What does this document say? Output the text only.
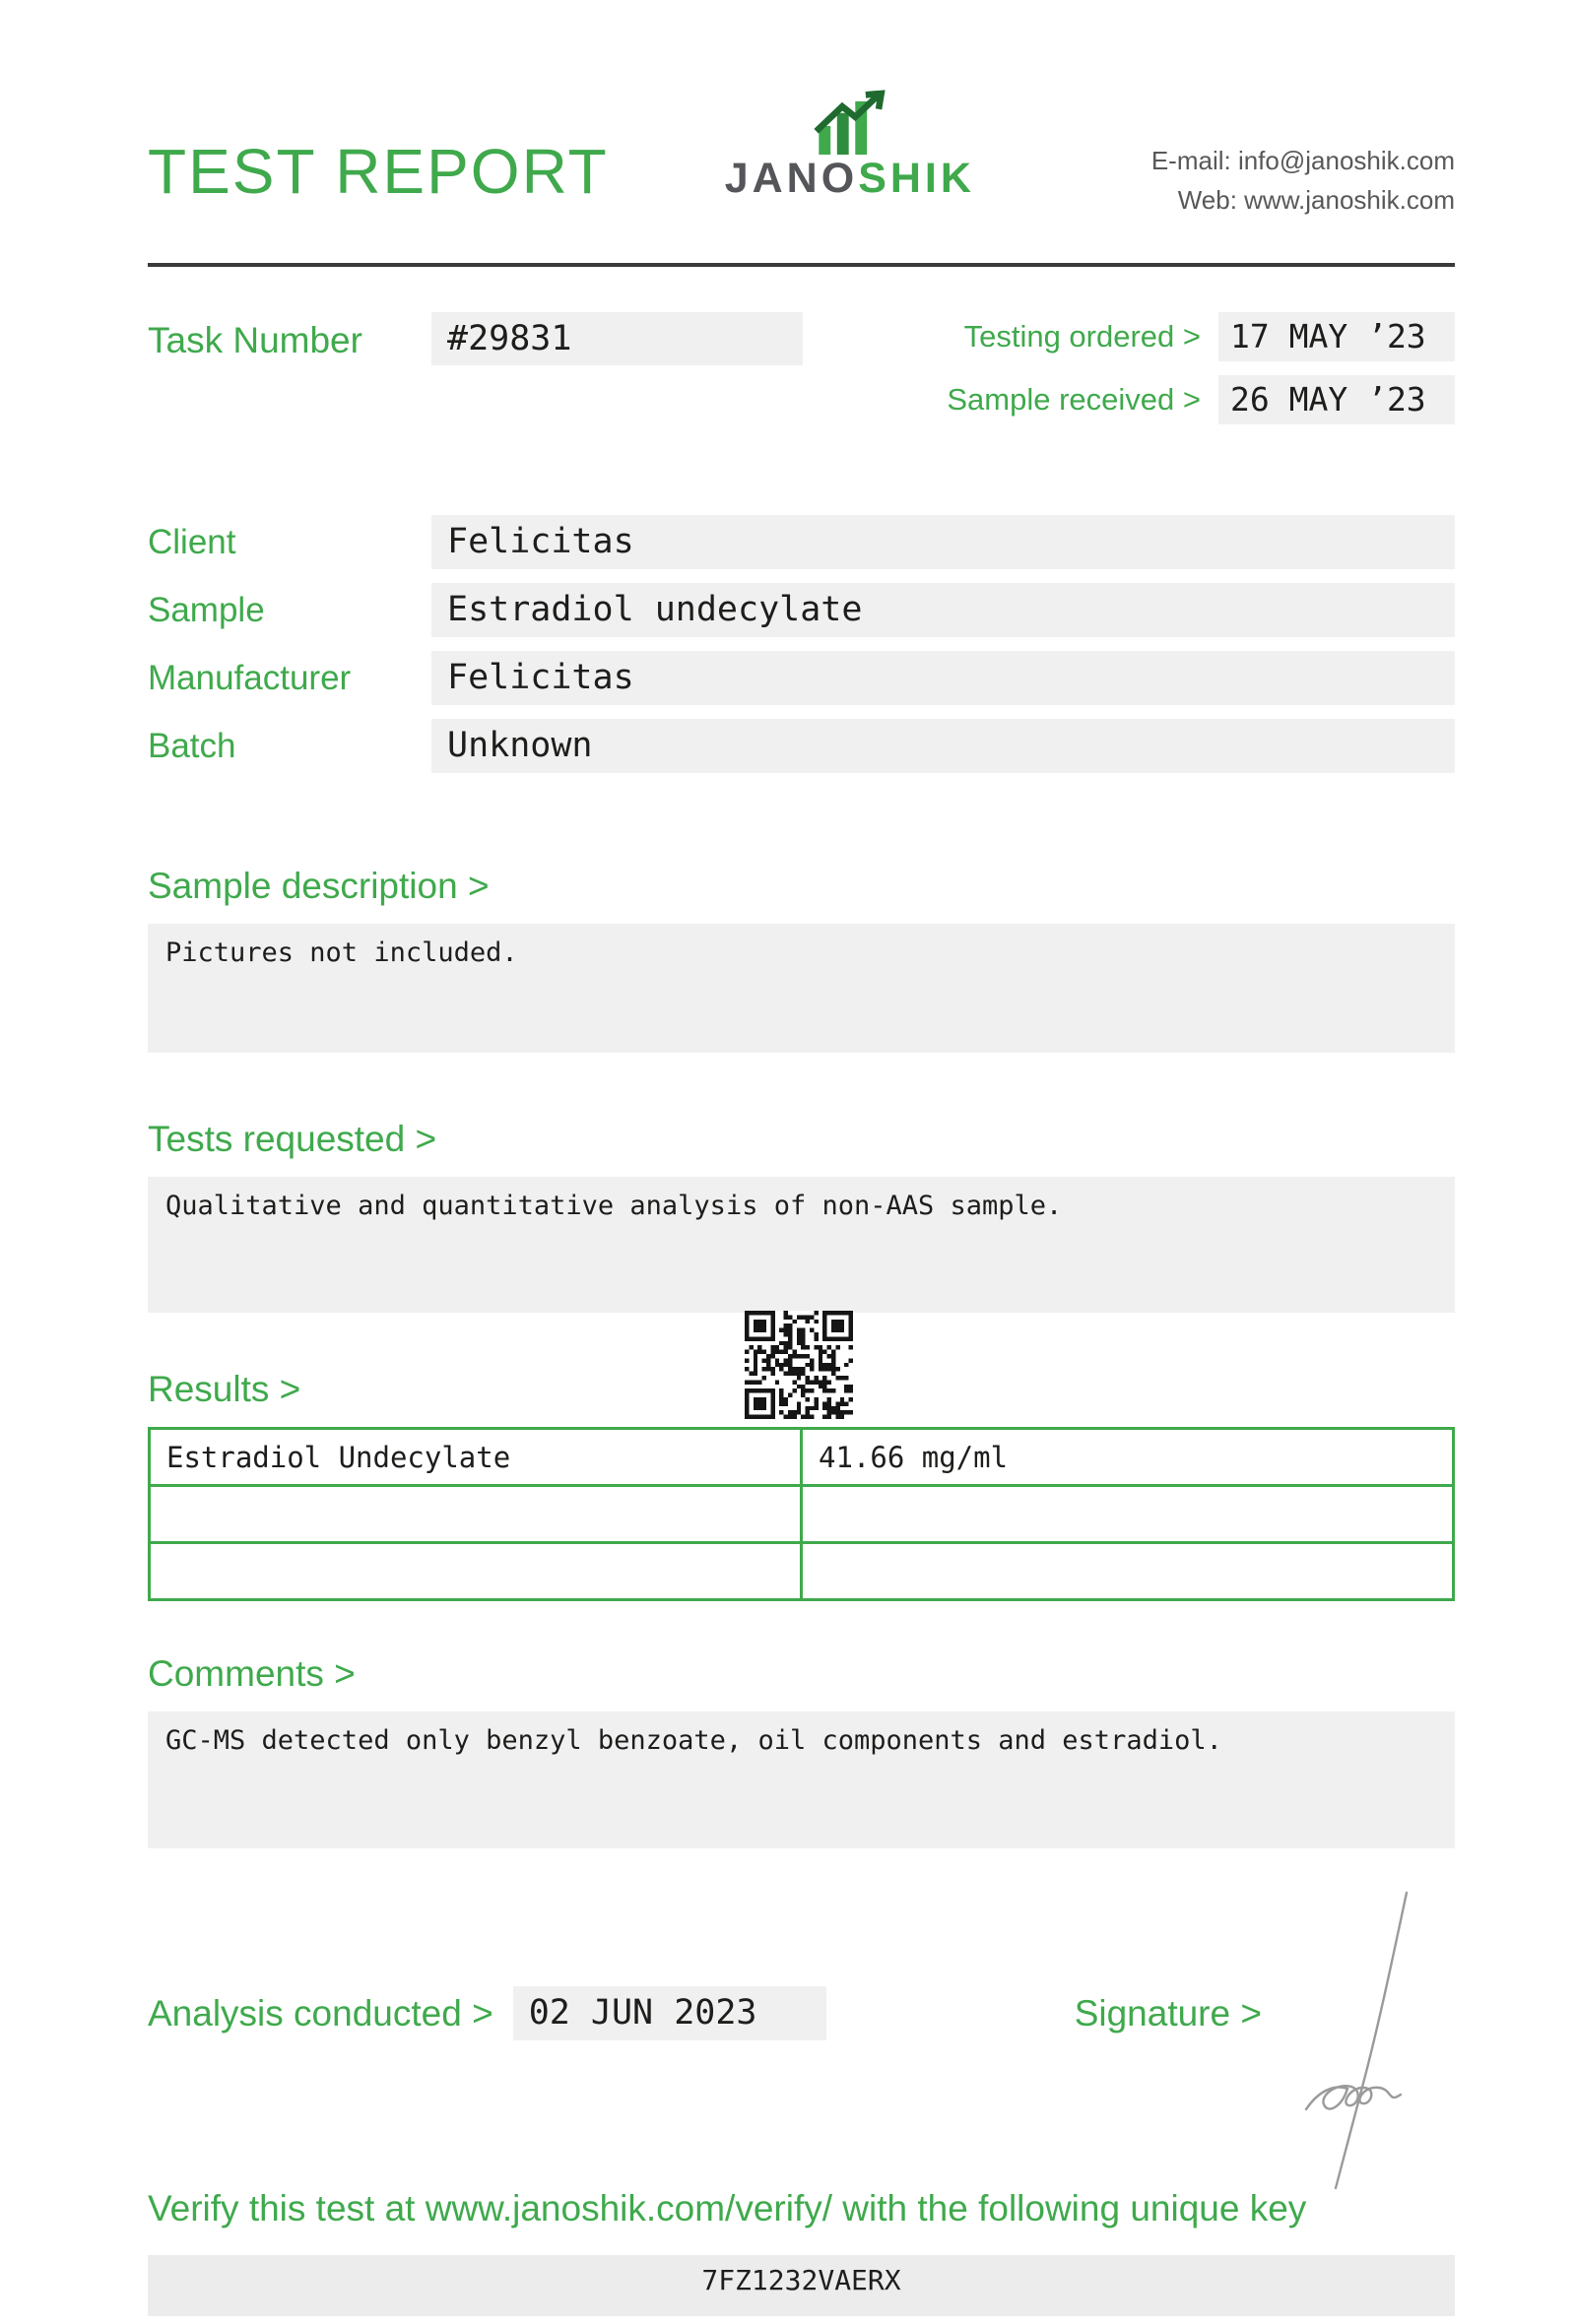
TEST REPORT	JANOSHIK	E-mail: info@janoshik.com
Web: www.janoshik.com
Task Number	#29831	Testing ordered > 17 MAY ’23
Sample received > 26 MAY ’23
Client	Felicitas
Sample	Estradiol undecylate
Manufacturer	Felicitas
Batch	Unknown
Sample description >
Pictures not included.
Tests requested >
Qualitative and quantitative analysis of non-AAS sample.
Results >
Estradiol Undecylate	41.66 mg/ml

Comments >
GC-MS detected only benzyl benzoate, oil components and estradiol.
Analysis conducted >	02 JUN 2023	Signature >
Verify this test at www.janoshik.com/verify/ with the following unique key
7FZ1232VAERX
